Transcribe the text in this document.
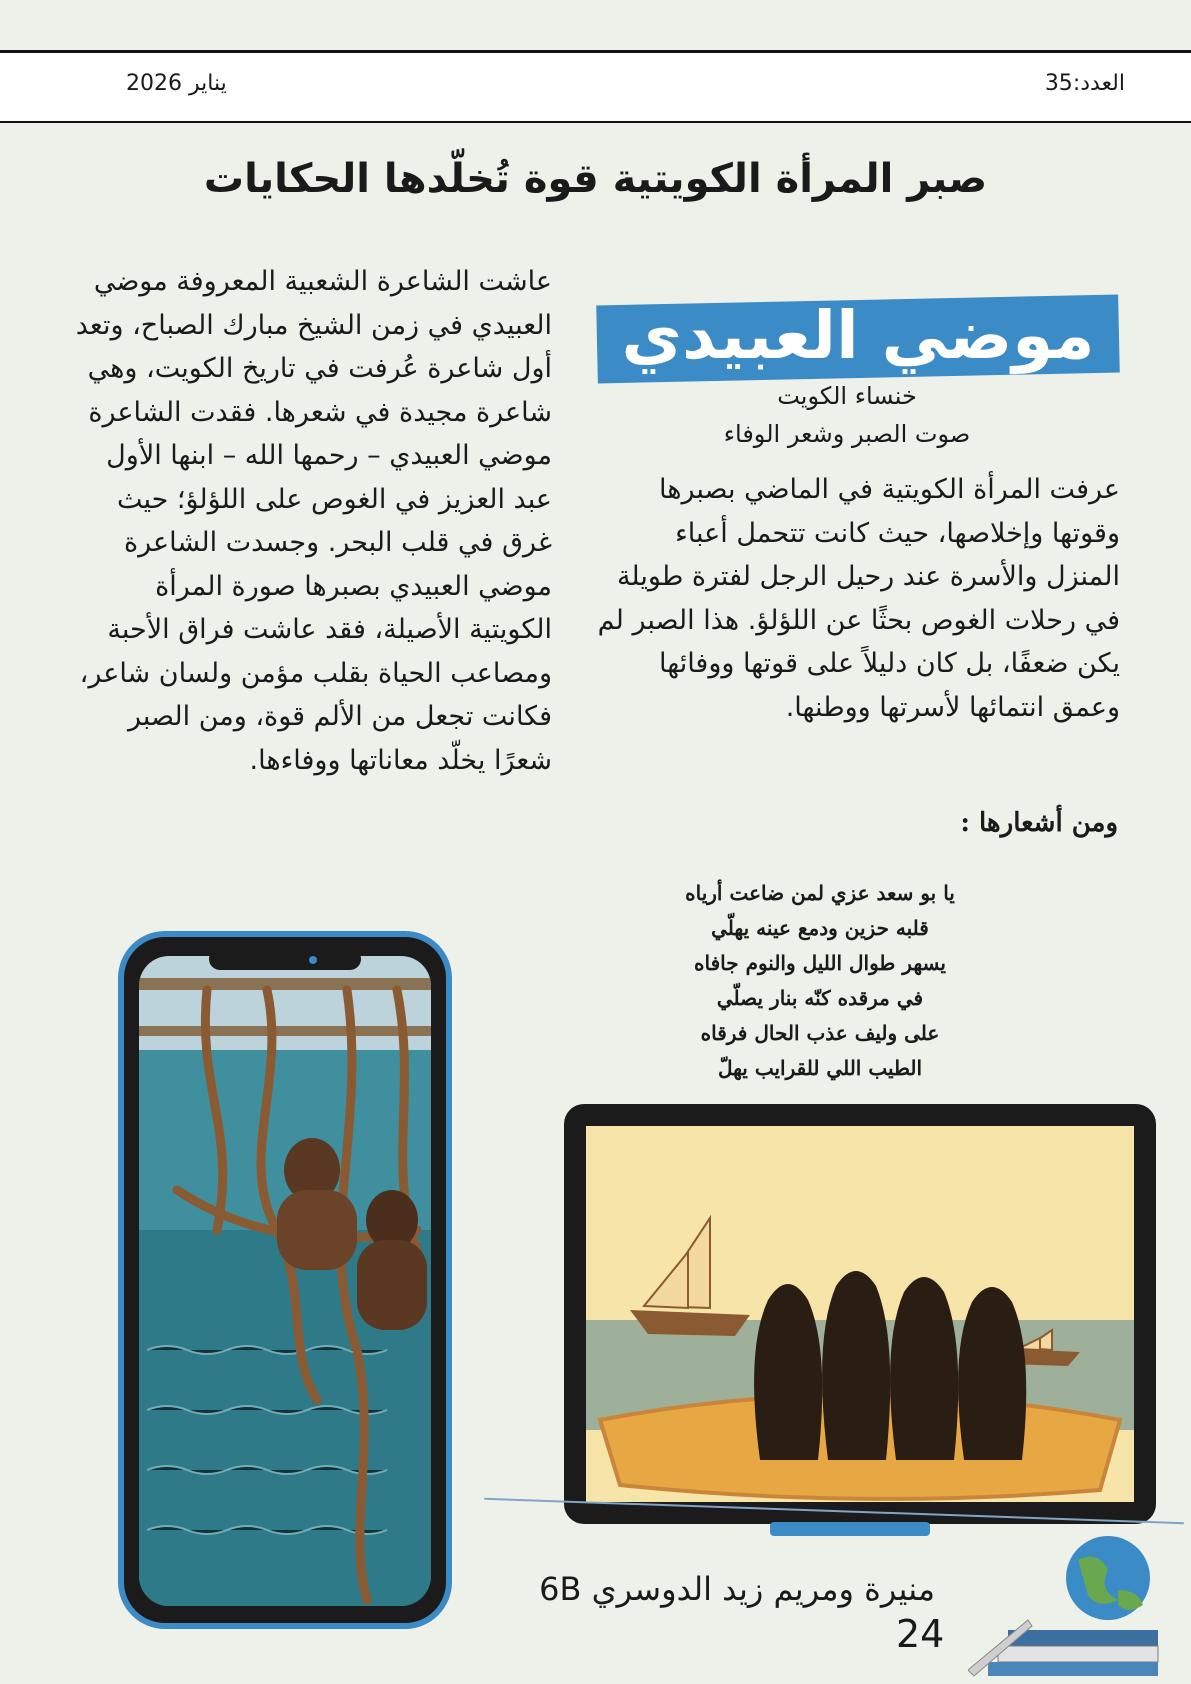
العدد:35
يناير 2026
صبر المرأة الكويتية قوة تُخلّدها الحكايات
عاشت الشاعرة الشعبية المعروفة موضي العبيدي في زمن الشيخ مبارك الصباح، وتعد أول شاعرة عُرفت في تاريخ الكويت، وهي شاعرة مجيدة في شعرها. فقدت الشاعرة موضي العبيدي – رحمها الله – ابنها الأول عبد العزيز في الغوص على اللؤلؤ؛ حيث غرق في قلب البحر. وجسدت الشاعرة موضي العبيدي بصبرها صورة المرأة الكويتية الأصيلة، فقد عاشت فراق الأحبة ومصاعب الحياة بقلب مؤمن ولسان شاعر، فكانت تجعل من الألم قوة، ومن الصبر شعرًا يخلّد معاناتها ووفاءها.
موضي العبيدي
خنساء الكويت
صوت الصبر وشعر الوفاء
عرفت المرأة الكويتية في الماضي بصبرها وقوتها وإخلاصها، حيث كانت تتحمل أعباء المنزل والأسرة عند رحيل الرجل لفترة طويلة في رحلات الغوص بحثًا عن اللؤلؤ. هذا الصبر لم يكن ضعفًا، بل كان دليلاً على قوتها ووفائها وعمق انتمائها لأسرتها ووطنها.
ومن أشعارها :
يا بو سعد عزي لمن ضاعت أرياه
قلبه حزين ودمع عينه يهلّي
يسهر طوال الليل والنوم جافاه
في مرقده كنّه بنار يصلّي
على وليف عذب الحال فرقاه
الطيب اللي للقرايب يهلّ
منيرة ومريم زيد الدوسري 6B
24
